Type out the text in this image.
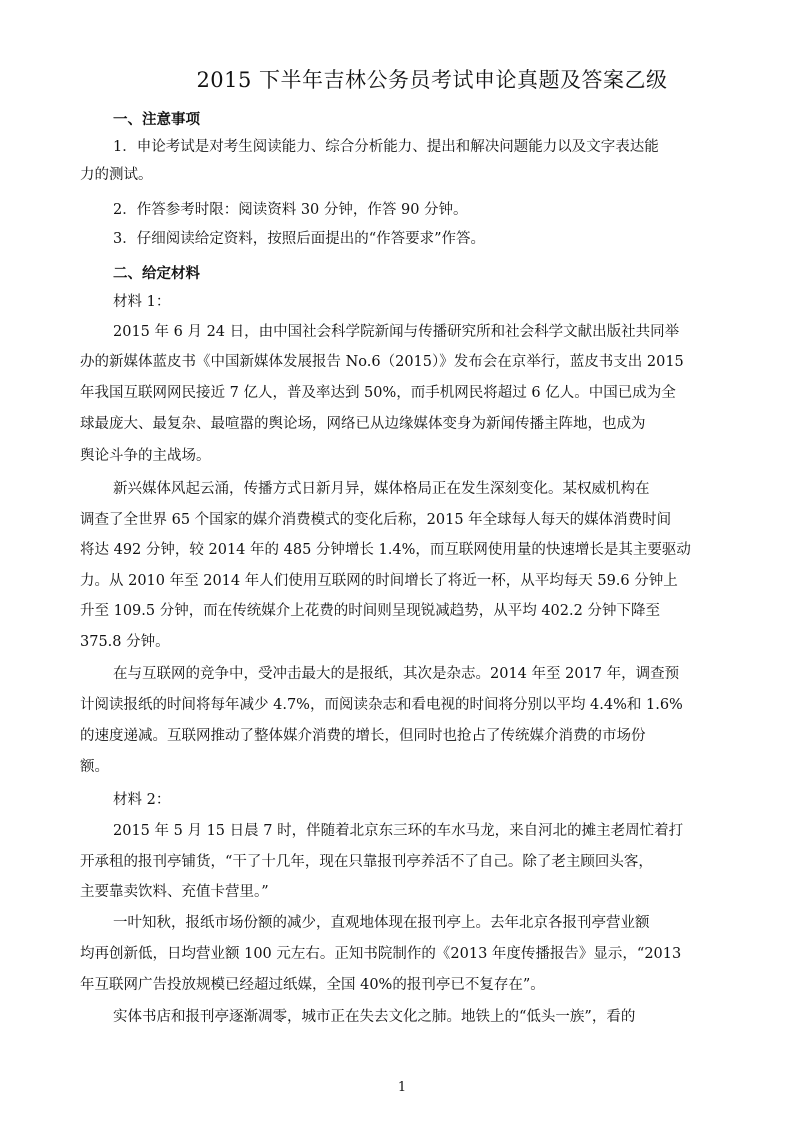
2015 下半年吉林公务员考试申论真题及答案乙级
一、注意事项
1．申论考试是对考生阅读能力、综合分析能力、提出和解决问题能力以及文字表达能
力的测试。
2．作答参考时限：阅读资料 30 分钟，作答 90 分钟。
3．仔细阅读给定资料，按照后面提出的“作答要求”作答。
二、给定材料
材料 1：
2015 年 6 月 24 日，由中国社会科学院新闻与传播研究所和社会科学文献出版社共同举
办的新媒体蓝皮书《中国新媒体发展报告 No.6（2015）》发布会在京举行，蓝皮书支出 2015
年我国互联网网民接近 7 亿人，普及率达到 50%，而手机网民将超过 6 亿人。中国已成为全
球最庞大、最复杂、最喧嚣的舆论场，网络已从边缘媒体变身为新闻传播主阵地，也成为
舆论斗争的主战场。
新兴媒体风起云涌，传播方式日新月异，媒体格局正在发生深刻变化。某权威机构在
调查了全世界 65 个国家的媒介消费模式的变化后称，2015 年全球每人每天的媒体消费时间
将达 492 分钟，较 2014 年的 485 分钟增长 1.4%，而互联网使用量的快速增长是其主要驱动
力。从 2010 年至 2014 年人们使用互联网的时间增长了将近一杯，从平均每天 59.6 分钟上
升至 109.5 分钟，而在传统媒介上花费的时间则呈现锐减趋势，从平均 402.2 分钟下降至
375.8 分钟。
在与互联网的竞争中，受冲击最大的是报纸，其次是杂志。2014 年至 2017 年，调查预
计阅读报纸的时间将每年减少 4.7%，而阅读杂志和看电视的时间将分别以平均 4.4%和 1.6%
的速度递减。互联网推动了整体媒介消费的增长，但同时也抢占了传统媒介消费的市场份
额。
材料 2：
2015 年 5 月 15 日晨 7 时，伴随着北京东三环的车水马龙，来自河北的摊主老周忙着打
开承租的报刊亭铺货，“干了十几年，现在只靠报刊亭养活不了自己。除了老主顾回头客，
主要靠卖饮料、充值卡营里。”
一叶知秋，报纸市场份额的减少，直观地体现在报刊亭上。去年北京各报刊亭营业额
均再创新低，日均营业额 100 元左右。正知书院制作的《2013 年度传播报告》显示，“2013
年互联网广告投放规模已经超过纸媒，全国 40%的报刊亭已不复存在”。
实体书店和报刊亭逐渐凋零，城市正在失去文化之肺。地铁上的“低头一族”，看的
1
